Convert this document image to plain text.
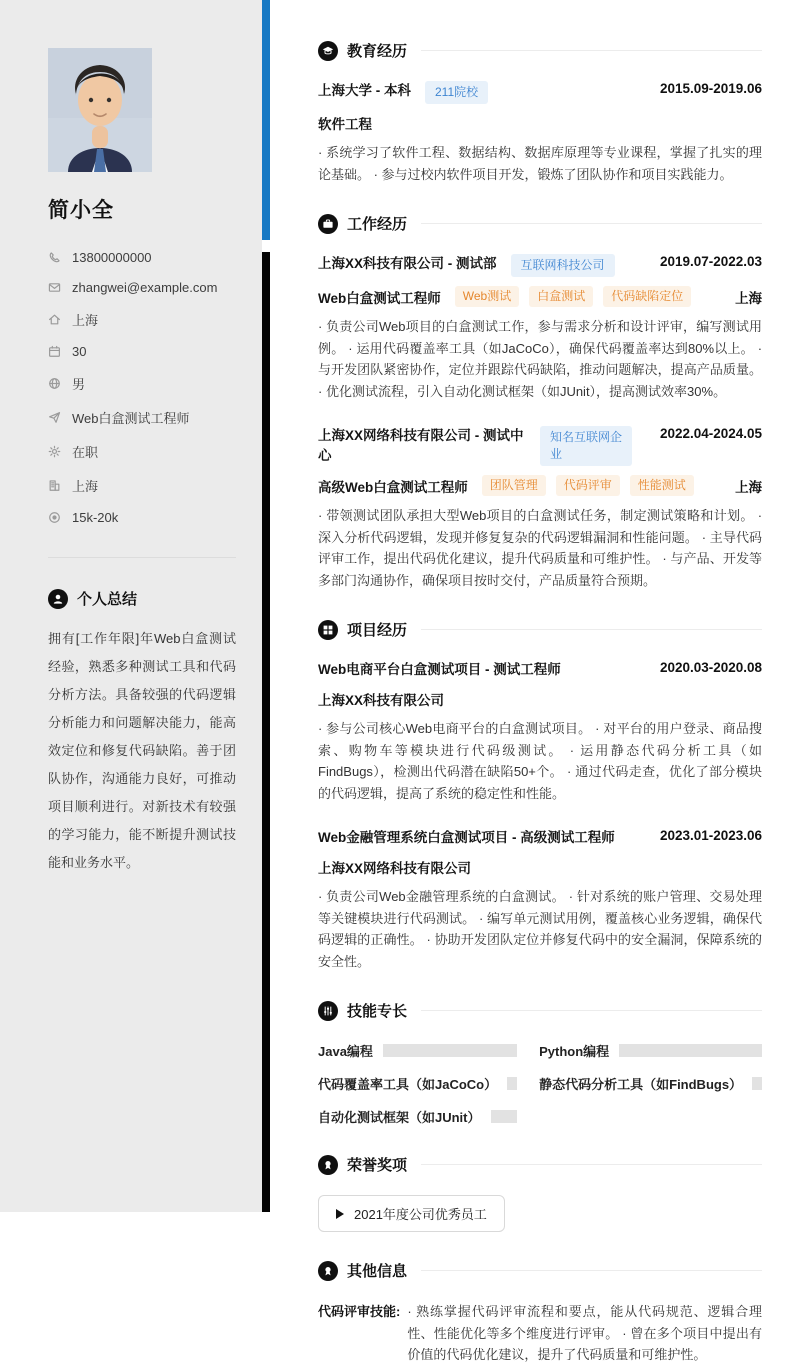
简小全
13800000000
zhangwei@example.com
上海
30
男
Web白盒测试工程师
在职
上海
15k-20k
个人总结

拥有[工作年限]年Web白盒测试经验，熟悉多种测试工具和代码分析方法。具备较强的代码逻辑分析能力和问题解决能力，能高效定位和修复代码缺陷。善于团队协作，沟通能力良好，可推动项目顺利进行。对新技术有较强的学习能力，能不断提升测试技能和业务水平。

教育经历
上海大学 - 本科	211院校	2015.09-2019.06
软件工程

· 系统学习了软件工程、数据结构、数据库原理等专业课程，掌握了扎实的理论基础。 · 参与过校内软件项目开发，锻炼了团队协作和项目实践能力。

工作经历
上海XX科技有限公司 - 测试部	互联网科技公司	2019.07-2022.03
Web白盒测试工程师	Web测试	白盒测试	代码缺陷定位	上海

· 负责公司Web项目的白盒测试工作，参与需求分析和设计评审，编写测试用例。 · 运用代码覆盖率工具（如JaCoCo），确保代码覆盖率达到80%以上。 · 与开发团队紧密协作，定位并跟踪代码缺陷，推动问题解决，提高产品质量。 · 优化测试流程，引入自动化测试框架（如JUnit），提高测试效率30%。

上海XX网络科技有限公司 - 测试中心
知名互联网企业
2022.04-2024.05
高级Web白盒测试工程师	团队管理	代码评审	性能测试	上海

· 带领测试团队承担大型Web项目的白盒测试任务，制定测试策略和计划。 · 深入分析代码逻辑，发现并修复复杂的代码逻辑漏洞和性能问题。 · 主导代码评审工作，提出代码优化建议，提升代码质量和可维护性。 · 与产品、开发等多部门沟通协作，确保项目按时交付，产品质量符合预期。

项目经历
Web电商平台白盒测试项目 - 测试工程师	2020.03-2020.08
上海XX科技有限公司

· 参与公司核心Web电商平台的白盒测试项目。 · 对平台的用户登录、商品搜索、购物车等模块进行代码级测试。 · 运用静态代码分析工具（如FindBugs），检测出代码潜在缺陷50+个。 · 通过代码走查，优化了部分模块的代码逻辑，提高了系统的稳定性和性能。

Web金融管理系统白盒测试项目 - 高级测试工程师	2023.01-2023.06
上海XX网络科技有限公司

· 负责公司Web金融管理系统的白盒测试。 · 针对系统的账户管理、交易处理等关键模块进行代码测试。 · 编写单元测试用例，覆盖核心业务逻辑，确保代码逻辑的正确性。 · 协助开发团队定位并修复代码中的安全漏洞，保障系统的安全性。

技能专长
Java编程	Python编程
代码覆盖率工具（如JaCoCo）	静态代码分析工具（如FindBugs）
自动化测试框架（如JUnit）
荣誉奖项
2021年度公司优秀员工
其他信息
代码评审技能: · 熟练掌握代码评审流程和要点，能从代码规范、逻辑合理性、性能优化等多个维度进行评审。 · 曾在多个项目中提出有价值的代码优化建议，提升了代码质量和可维护性。
